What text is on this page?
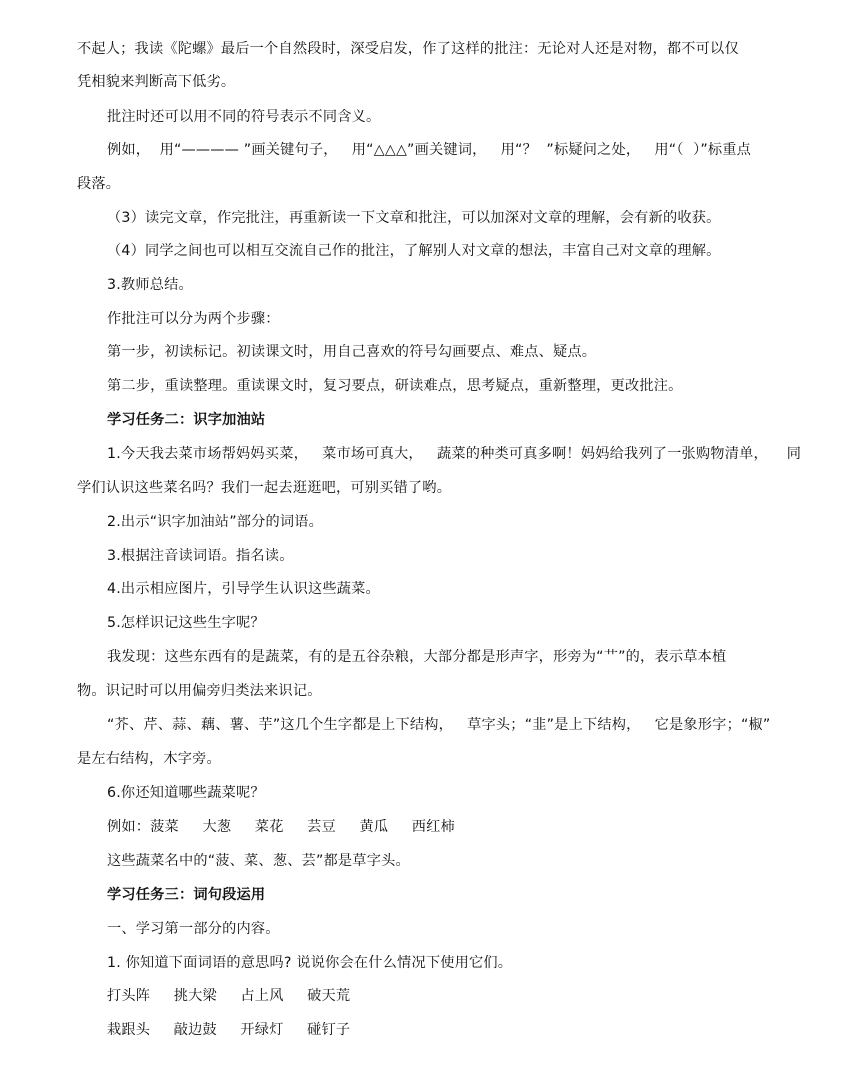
不起人；我读《陀螺》最后一个自然段时，深受启发，作了这样的批注：无论对人还是对物，都不可以仅
凭相貌来判断高下低劣。
批注时还可以用不同的符号表示不同含义。
例如，  用“———— ”画关键句子，   用“△△△”画关键词，   用“？  ”标疑问之处，   用“（  ）”标重点
段落。
（3）读完文章，作完批注，再重新读一下文章和批注，可以加深对文章的理解，会有新的收获。
（4）同学之间也可以相互交流自己作的批注，了解别人对文章的想法，丰富自己对文章的理解。
3.教师总结。
作批注可以分为两个步骤：
第一步，初读标记。初读课文时，用自己喜欢的符号勾画要点、难点、疑点。
第二步，重读整理。重读课文时，复习要点，研读难点，思考疑点，重新整理，更改批注。
学习任务二：识字加油站
1.今天我去菜市场帮妈妈买菜，   菜市场可真大，   蔬菜的种类可真多啊！妈妈给我列了一张购物清单，    同
学们认识这些菜名吗？我们一起去逛逛吧，可别买错了哟。
2.出示“识字加油站”部分的词语。
3.根据注音读词语。指名读。
4.出示相应图片，引导学生认识这些蔬菜。
5.怎样识记这些生字呢？
我发现：这些东西有的是蔬菜，有的是五谷杂粮，大部分都是形声字，形旁为“艹”的，表示草本植
物。识记时可以用偏旁归类法来识记。
“芥、芹、蒜、藕、薯、芋”这几个生字都是上下结构，   草字头；“韭”是上下结构，   它是象形字；“椒”
是左右结构，木字旁。
6.你还知道哪些蔬菜呢？
例如：菠菜     大葱     菜花     芸豆     黄瓜     西红柿
这些蔬菜名中的“菠、菜、葱、芸”都是草字头。
学习任务三：词句段运用
一、学习第一部分的内容。
1. 你知道下面词语的意思吗? 说说你会在什么情况下使用它们。
打头阵     挑大梁     占上风     破天荒
栽跟头     敲边鼓     开绿灯     碰钉子
